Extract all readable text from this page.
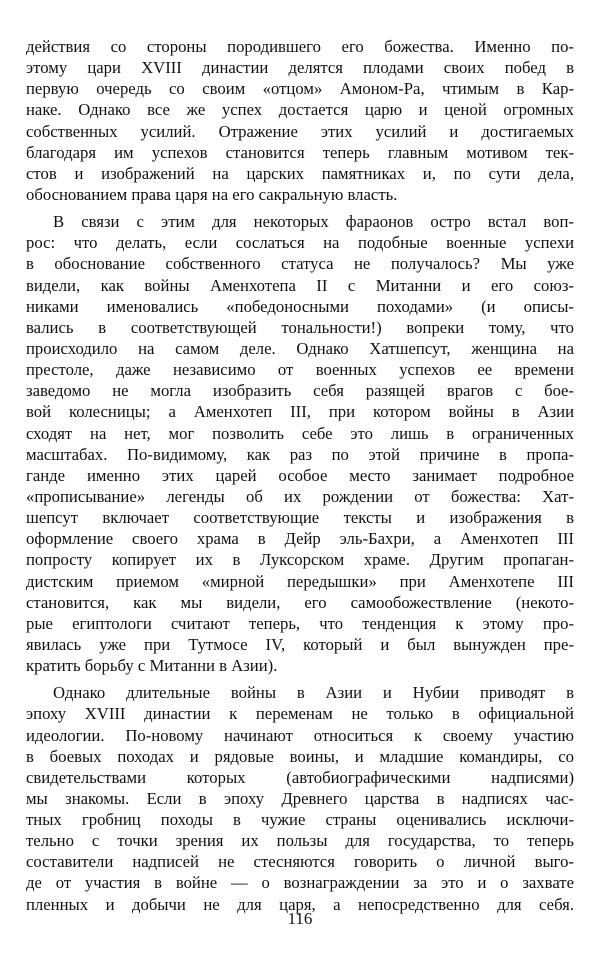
действия со стороны породившего его божества. Именно по-
этому цари XVIII династии делятся плодами своих побед в
первую очередь со своим «отцом» Амоном-Ра, чтимым в Кар-
наке. Однако все же успех достается царю и ценой огромных
собственных усилий. Отражение этих усилий и достигаемых
благодаря им успехов становится теперь главным мотивом тек-
стов и изображений на царских памятниках и, по сути дела,
обоснованием права царя на его сакральную власть.
В связи с этим для некоторых фараонов остро встал воп-
рос: что делать, если сослаться на подобные военные успехи
в обоснование собственного статуса не получалось? Мы уже
видели, как войны Аменхотепа II с Митанни и его союз-
никами именовались «победоносными походами» (и описы-
вались в соответствующей тональности!) вопреки тому, что
происходило на самом деле. Однако Хатшепсут, женщина на
престоле, даже независимо от военных успехов ее времени
заведомо не могла изобразить себя разящей врагов с боe-
вой колесницы; а Аменхотеп III, при котором войны в Азии
сходят на нет, мог позволить себе это лишь в ограниченных
масштабах. По-видимому, как раз по этой причине в пропа-
ганде именно этих царей особое место занимает подробное
«прописывание» легенды об их рождении от божества: Хат-
шепсут включает соответствующие тексты и изображения в
оформление своего храма в Дейр эль-Бахри, а Аменхотеп III
попросту копирует их в Луксорском храме. Другим пропаган-
дистским приемом «мирной передышки» при Аменхотепе III
становится, как мы видели, его самообожествление (некото-
рые египтологи считают теперь, что тенденция к этому про-
явилась уже при Тутмосе IV, который и был вынужден пре-
кратить борьбу с Митанни в Азии).
Однако длительные войны в Азии и Нубии приводят в
эпоху XVIII династии к переменам не только в официальной
идеологии. По-новому начинают относиться к своему участию
в боевых походах и рядовые воины, и младшие командиры, со
свидетельствами которых (автобиографическими надписями)
мы знакомы. Если в эпоху Древнего царства в надписях час-
тных гробниц походы в чужие страны оценивались исключи-
тельно с точки зрения их пользы для государства, то теперь
составители надписей не стесняются говорить о личной выго-
де от участия в войне — о вознаграждении за это и о захвате
пленных и добычи не для царя, а непосредственно для себя.
116
